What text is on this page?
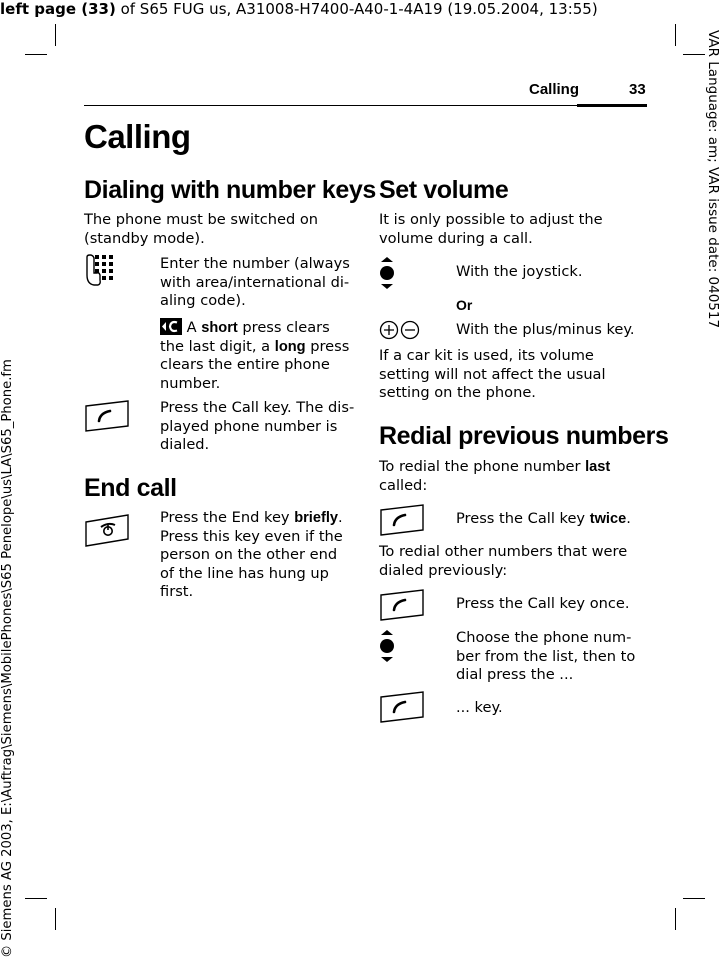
left page (33) of S65 FUG us, A31008-H7400-A40-1-4A19 (19.05.2004, 13:55)
VAR Language: am; VAR issue date: 040517
© Siemens AG 2003, E:\Auftrag\Siemens\MobilePhones\S65 Penelope\us\LA\S65_Phone.fm
Calling	33
Calling
Dialing with number keys
The phone must be switched on (standby mode).
Enter the number (always with area/international di-aling code).
A short press clears the last digit, a long press clears the entire phone number.
Press the Call key. The dis-played phone number is dialed.
End call
Press the End key briefly. Press this key even if the person on the other end of the line has hung up first.
Set volume
It is only possible to adjust the volume during a call.
With the joystick.
Or
With the plus/minus key.
If a car kit is used, its volume setting will not affect the usual setting on the phone.
Redial previous numbers
To redial the phone number last called:
Press the Call key twice.
To redial other numbers that were dialed previously:
Press the Call key once.
Choose the phone num-ber from the list, then to dial press the ...
... key.
